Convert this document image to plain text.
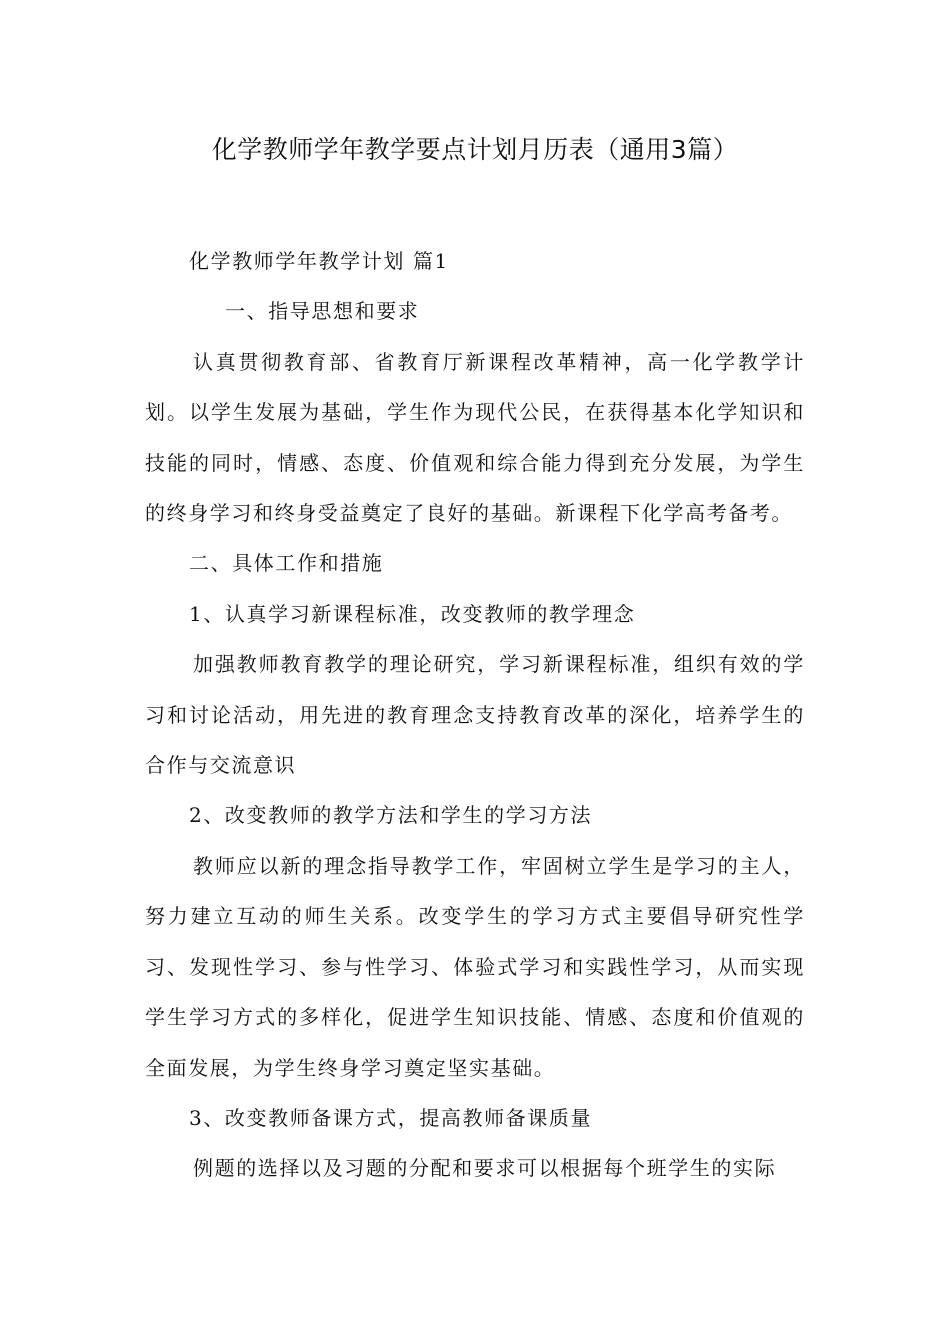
化学教师学年教学要点计划月历表（通用3篇）

化学教师学年教学计划 篇1

一、指导思想和要求

认真贯彻教育部、省教育厅新课程改革精神，高一化学教学计划。以学生发展为基础，学生作为现代公民，在获得基本化学知识和技能的同时，情感、态度、价值观和综合能力得到充分发展，为学生的终身学习和终身受益奠定了良好的基础。新课程下化学高考备考。

二、具体工作和措施

1、认真学习新课程标准，改变教师的教学理念

加强教师教育教学的理论研究，学习新课程标准，组织有效的学习和讨论活动，用先进的教育理念支持教育改革的深化，培养学生的合作与交流意识

2、改变教师的教学方法和学生的学习方法

教师应以新的理念指导教学工作，牢固树立学生是学习的主人，努力建立互动的师生关系。改变学生的学习方式主要倡导研究性学习、发现性学习、参与性学习、体验式学习和实践性学习，从而实现学生学习方式的多样化，促进学生知识技能、情感、态度和价值观的全面发展，为学生终身学习奠定坚实基础。

3、改变教师备课方式，提高教师备课质量

例题的选择以及习题的分配和要求可以根据每个班学生的实际
